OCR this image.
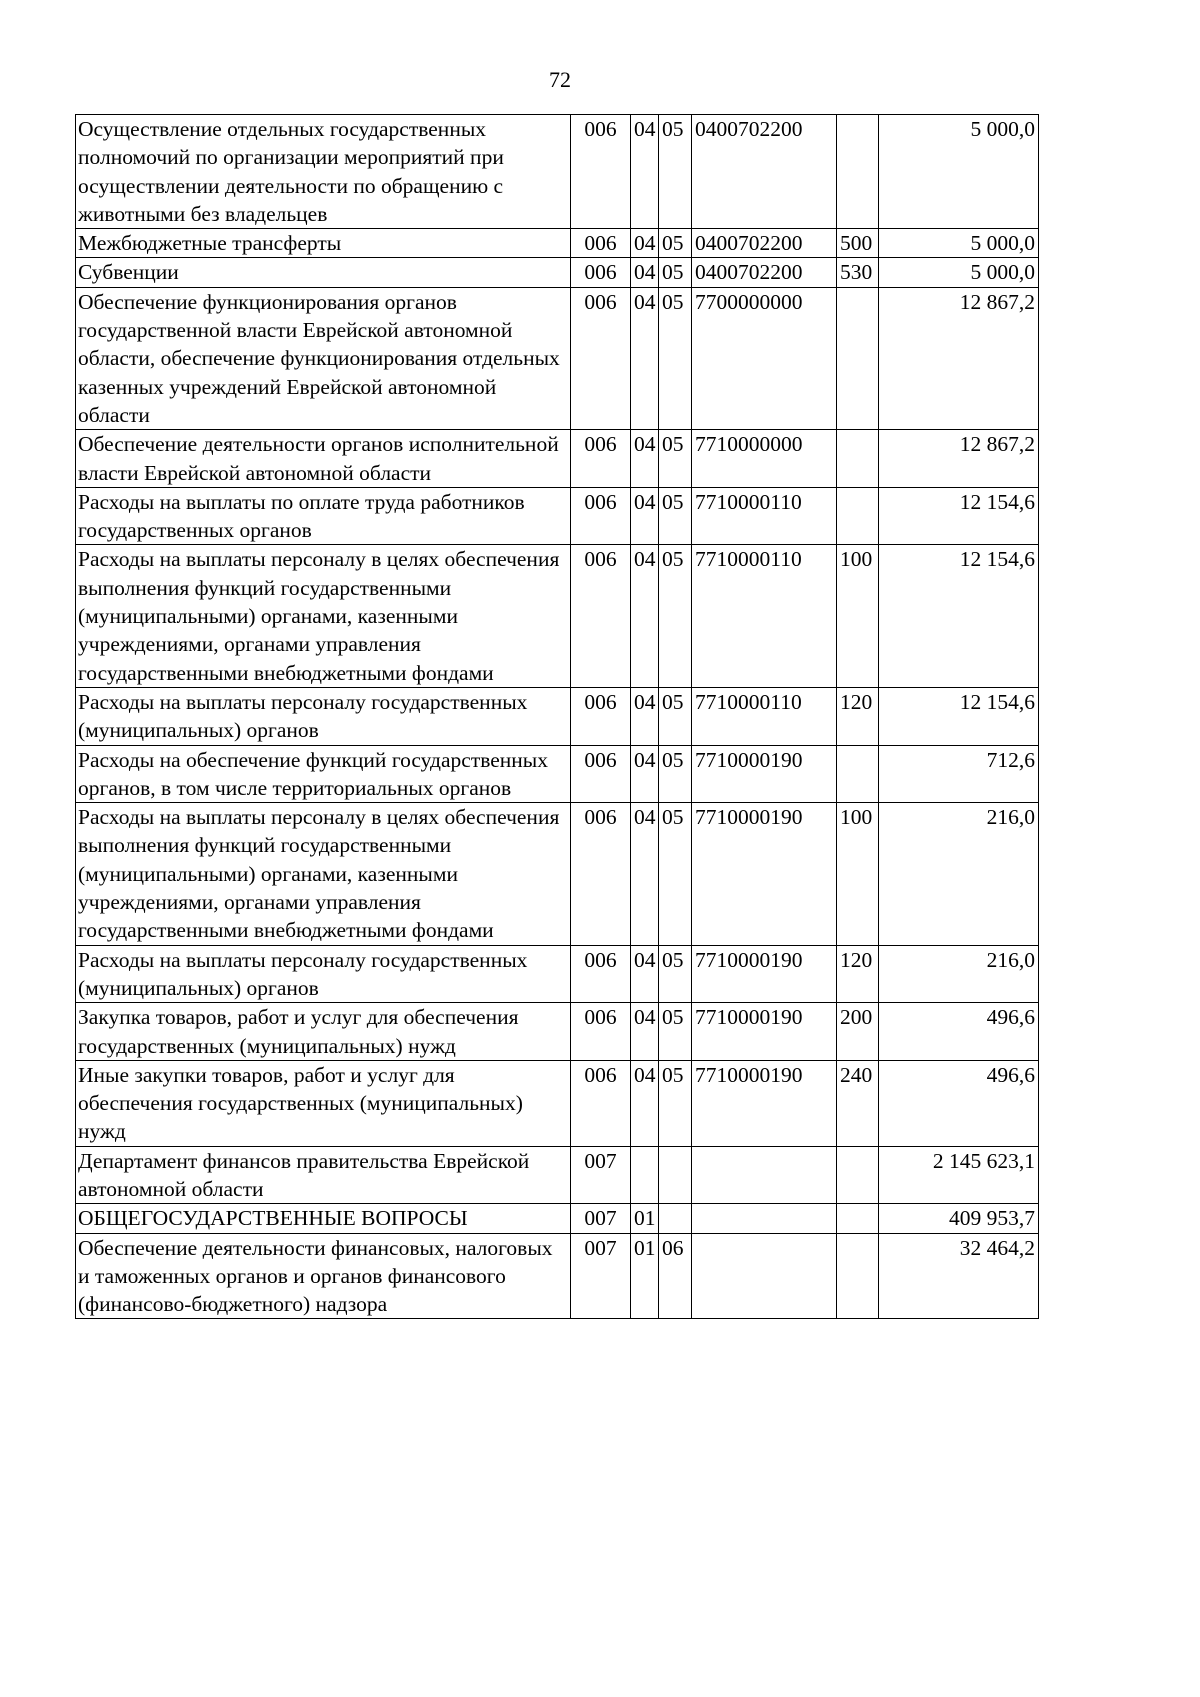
72
Осуществление отдельных государственных полномочий по организации мероприятий при осуществлении деятельности по обращению с животными без владельцев	006	04	05	0400702200		5 000,0
Межбюджетные трансферты	006	04	05	0400702200	500	5 000,0
Субвенции	006	04	05	0400702200	530	5 000,0
Обеспечение функционирования органов государственной власти Еврейской автономной области, обеспечение функционирования отдельных казенных учреждений Еврейской автономной области	006	04	05	7700000000		12 867,2
Обеспечение деятельности органов исполнительной власти Еврейской автономной области	006	04	05	7710000000		12 867,2
Расходы на выплаты по оплате труда работников государственных органов	006	04	05	7710000110		12 154,6
Расходы на выплаты персоналу в целях обеспечения выполнения функций государственными (муниципальными) органами, казенными учреждениями, органами управления государственными внебюджетными фондами	006	04	05	7710000110	100	12 154,6
Расходы на выплаты персоналу государственных (муниципальных) органов	006	04	05	7710000110	120	12 154,6
Расходы на обеспечение функций государственных органов, в том числе территориальных органов	006	04	05	7710000190		712,6
Расходы на выплаты персоналу в целях обеспечения выполнения функций государственными (муниципальными) органами, казенными учреждениями, органами управления государственными внебюджетными фондами	006	04	05	7710000190	100	216,0
Расходы на выплаты персоналу государственных (муниципальных) органов	006	04	05	7710000190	120	216,0
Закупка товаров, работ и услуг для обеспечения государственных (муниципальных) нужд	006	04	05	7710000190	200	496,6
Иные закупки товаров, работ и услуг для обеспечения государственных (муниципальных) нужд	006	04	05	7710000190	240	496,6
Департамент финансов правительства Еврейской автономной области	007					2 145 623,1
ОБЩЕГОСУДАРСТВЕННЫЕ ВОПРОСЫ	007	01				409 953,7
Обеспечение деятельности финансовых, налоговых и таможенных органов и органов финансового (финансово-бюджетного) надзора	007	01	06			32 464,2
